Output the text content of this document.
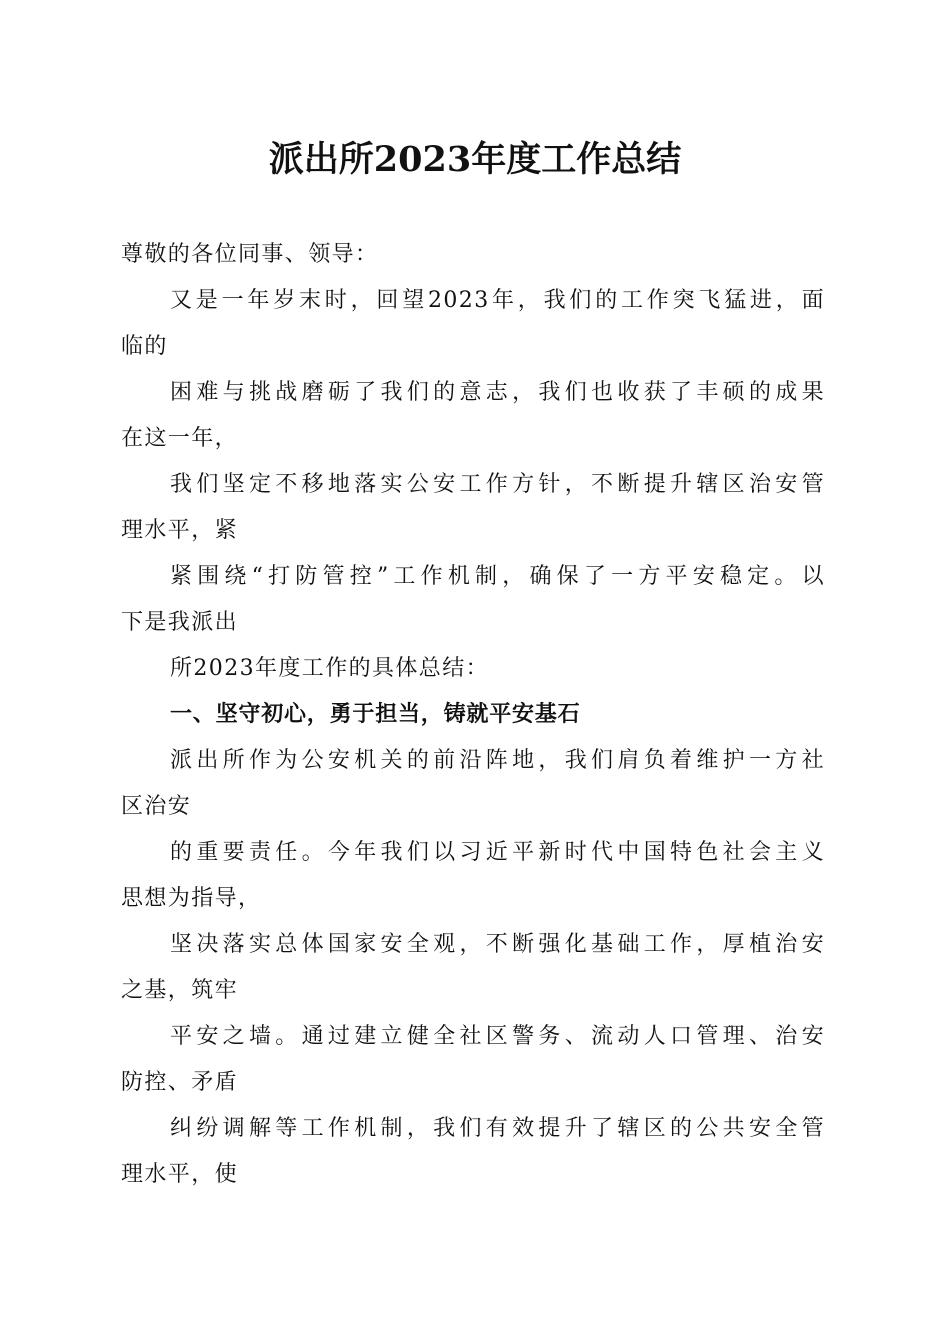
派出所2023年度工作总结
尊敬的各位同事、领导：
又是一年岁末时，回望2023年，我们的工作突飞猛进，面
临的
困难与挑战磨砺了我们的意志，我们也收获了丰硕的成果
在这一年，
我们坚定不移地落实公安工作方针，不断提升辖区治安管
理水平，紧
紧围绕“打防管控”工作机制，确保了一方平安稳定。以
下是我派出
所2023年度工作的具体总结：
一、坚守初心，勇于担当，铸就平安基石
派出所作为公安机关的前沿阵地，我们肩负着维护一方社
区治安
的重要责任。今年我们以习近平新时代中国特色社会主义
思想为指导，
坚决落实总体国家安全观，不断强化基础工作，厚植治安
之基，筑牢
平安之墙。通过建立健全社区警务、流动人口管理、治安
防控、矛盾
纠纷调解等工作机制，我们有效提升了辖区的公共安全管
理水平，使
